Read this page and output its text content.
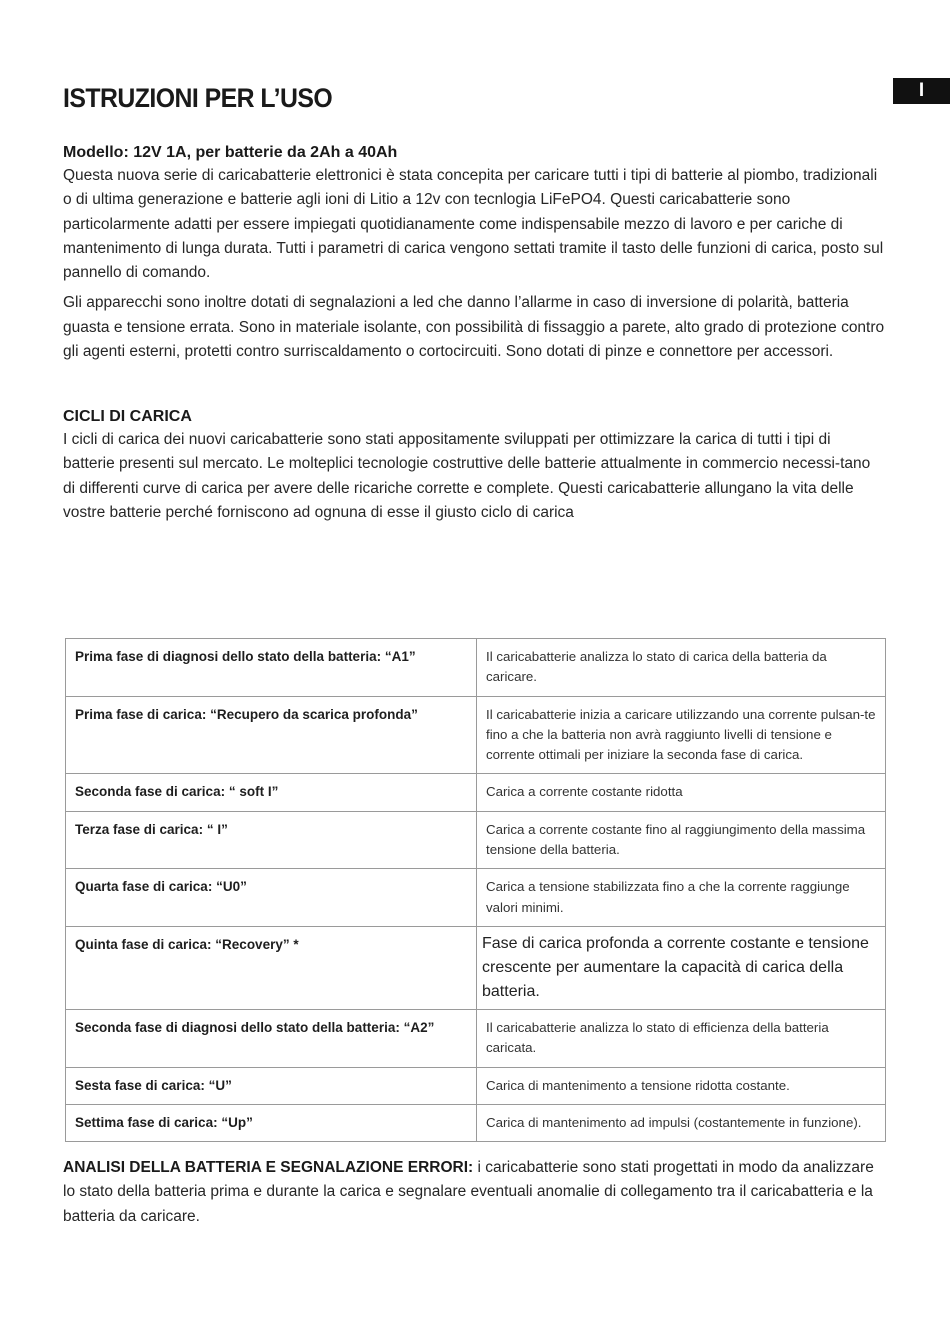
I
ISTRUZIONI PER L’USO
Modello: 12V 1A, per batterie da 2Ah a 40Ah

Questa nuova serie di caricabatterie elettronici è stata concepita per caricare tutti i tipi di batterie al piombo, tradizionali o di ultima generazione e batterie agli ioni di Litio a 12v con tecnlogia LiFePO4. Questi caricabatterie sono particolarmente adatti per essere impiegati quotidianamente come indispensabile mezzo di lavoro e per cariche di mantenimento di lunga durata. Tutti i parametri di carica vengono settati tramite il tasto delle funzioni di carica, posto sul pannello di comando.

Gli apparecchi sono inoltre dotati di segnalazioni a led che danno l’allarme in caso di inversione di polarità, batteria guasta e tensione errata. Sono in materiale isolante, con possibilità di fissaggio a parete, alto grado di protezione contro gli agenti esterni, protetti contro surriscaldamento o cortocircuiti. Sono dotati di pinze e connettore per accessori.

CICLI DI CARICA

I cicli di carica dei nuovi caricabatterie sono stati appositamente sviluppati per ottimizzare la carica di tutti i tipi di batterie presenti sul mercato. Le molteplici tecnologie costruttive delle batterie attualmente in commercio necessi-tano di differenti curve di carica per avere delle ricariche corrette e complete. Questi caricabatterie allungano la vita delle vostre batterie perché forniscono ad ognuna di esse il giusto ciclo di carica

Prima fase di diagnosi dello stato della batteria: “A1”	Il caricabatterie analizza lo stato di carica della batteria da caricare.
Prima fase di carica: “Recupero da scarica profonda”	Il caricabatterie inizia a caricare utilizzando una corrente pulsan-te fino a che la batteria non avrà raggiunto livelli di tensione e corrente ottimali per iniziare la seconda fase di carica.
Seconda fase di carica: “ soft I”	Carica a corrente costante ridotta
Terza fase di carica: “ I”	Carica a corrente costante fino al raggiungimento della massima tensione della batteria.
Quarta fase di carica: “U0”	Carica a tensione stabilizzata fino a che la corrente raggiunge valori minimi.
Quinta fase di carica: “Recovery” *	Fase di carica profonda a corrente costante e tensione crescente per aumentare la capacità di carica della batteria.
Seconda fase di diagnosi dello stato della batteria: “A2”	Il caricabatterie analizza lo stato di efficienza della batteria caricata.
Sesta fase di carica: “U”	Carica di mantenimento a tensione ridotta costante.
Settima fase di carica: “Up”	Carica di mantenimento ad impulsi (costantemente in funzione).

ANALISI DELLA BATTERIA E SEGNALAZIONE ERRORI: i caricabatterie sono stati progettati in modo da analizzare lo stato della batteria prima e durante la carica e segnalare eventuali anomalie di collegamento tra il caricabatteria e la batteria da caricare.
